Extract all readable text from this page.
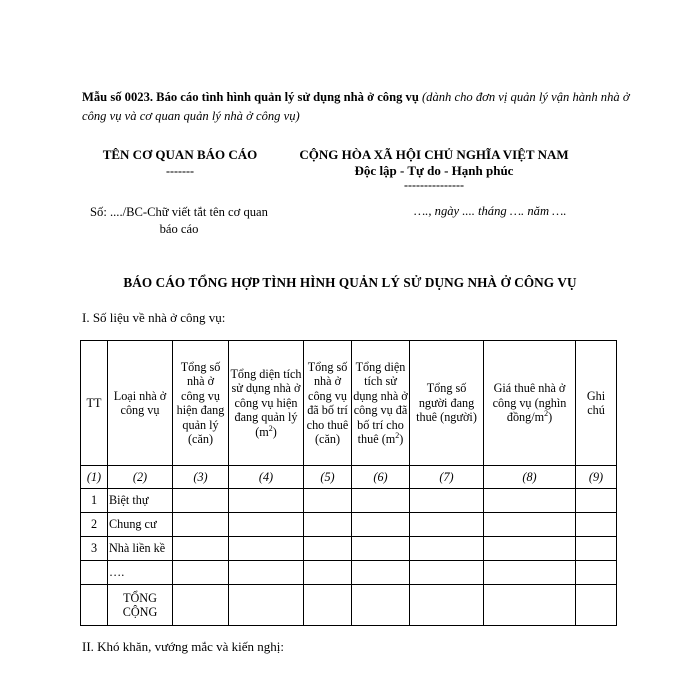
Mẫu số 0023. Báo cáo tình hình quản lý sử dụng nhà ở công vụ (dành cho đơn vị quản lý vận hành nhà ở công vụ và cơ quan quản lý nhà ở công vụ)
TÊN CƠ QUAN BÁO CÁO
-------
CỘNG HÒA XÃ HỘI CHỦ NGHĨA VIỆT NAM
Độc lập - Tự do - Hạnh phúc
---------------
Số: ..../BC-Chữ viết tắt tên cơ quan báo cáo
…., ngày .... tháng …. năm ….
BÁO CÁO TỔNG HỢP TÌNH HÌNH QUẢN LÝ SỬ DỤNG NHÀ Ở CÔNG VỤ
I. Số liệu về nhà ở công vụ:
TT	Loại nhà ở công vụ	Tổng số nhà ở công vụ hiện đang quản lý (căn)	Tổng diện tích sử dụng nhà ở công vụ hiện đang quản lý $(m^2)$	Tổng số nhà ở công vụ đã bố trí cho thuê (căn)	Tổng diện tích sử dụng nhà ở công vụ đã bố trí cho thuê $(m^2)$	Tổng số người đang thuê (người)	Giá thuê nhà ở công vụ (nghìn đồng/$m^2$)	Ghi chú
(1)	(2)	(3)	(4)	(5)	(6)	(7)	(8)	(9)
1	Biệt thự							
2	Chung cư							
3	Nhà liền kề							
	….							
	TỔNG CỘNG							
II. Khó khăn, vướng mắc và kiến nghị:
